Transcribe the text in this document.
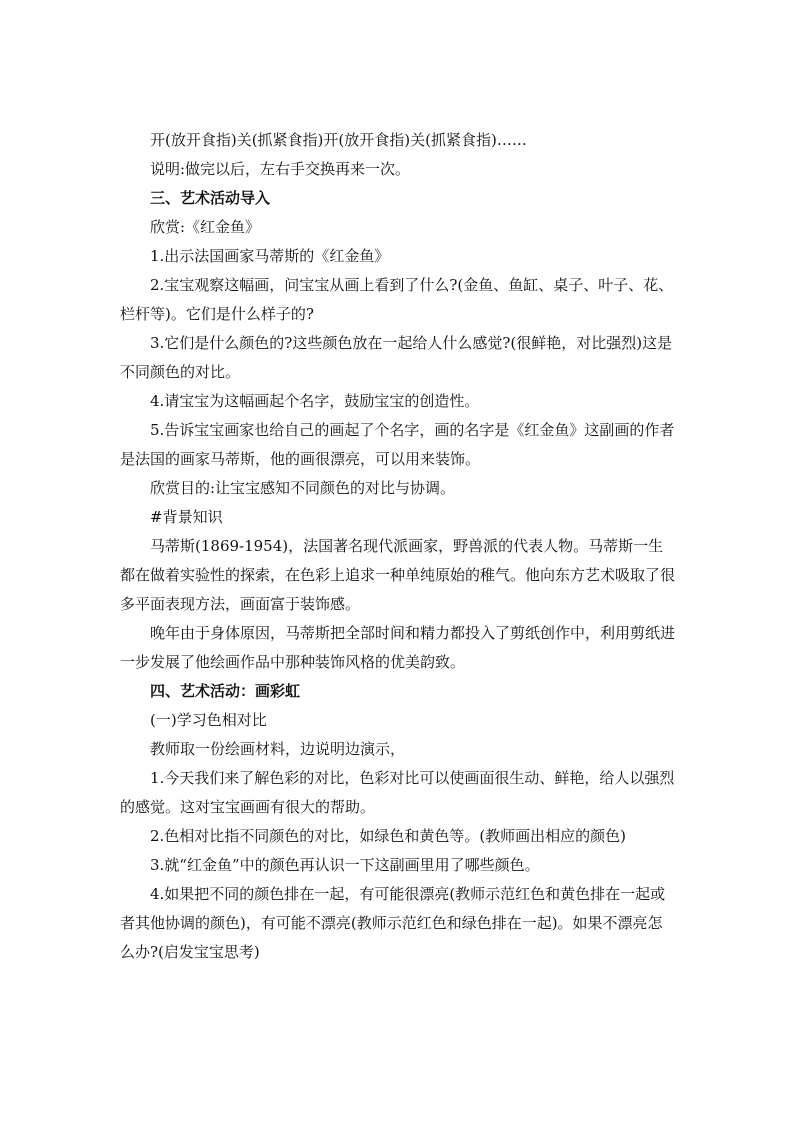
开(放开食指)关(抓紧食指)开(放开食指)关(抓紧食指)……

说明:做完以后，左右手交换再来一次。

三、艺术活动导入

欣赏:《红金鱼》

1.出示法国画家马蒂斯的《红金鱼》

2.宝宝观察这幅画，问宝宝从画上看到了什么?(金鱼、鱼缸、桌子、叶子、花、栏杆等)。它们是什么样子的?

3.它们是什么颜色的?这些颜色放在一起给人什么感觉?(很鲜艳，对比强烈)这是不同颜色的对比。

4.请宝宝为这幅画起个名字，鼓励宝宝的创造性。

5.告诉宝宝画家也给自己的画起了个名字，画的名字是《红金鱼》这副画的作者是法国的画家马蒂斯，他的画很漂亮，可以用来装饰。

欣赏目的:让宝宝感知不同颜色的对比与协调。

#背景知识

马蒂斯(1869-1954)，法国著名现代派画家，野兽派的代表人物。马蒂斯一生都在做着实验性的探索，在色彩上追求一种单纯原始的稚气。他向东方艺术吸取了很多平面表现方法，画面富于装饰感。

晚年由于身体原因，马蒂斯把全部时间和精力都投入了剪纸创作中，利用剪纸进一步发展了他绘画作品中那种装饰风格的优美韵致。

四、艺术活动：画彩虹

(一)学习色相对比

教师取一份绘画材料，边说明边演示，

1.今天我们来了解色彩的对比，色彩对比可以使画面很生动、鲜艳，给人以强烈的感觉。这对宝宝画画有很大的帮助。

2.色相对比指不同颜色的对比，如绿色和黄色等。(教师画出相应的颜色)

3.就“红金鱼”中的颜色再认识一下这副画里用了哪些颜色。

4.如果把不同的颜色排在一起，有可能很漂亮(教师示范红色和黄色排在一起或者其他协调的颜色)，有可能不漂亮(教师示范红色和绿色排在一起)。如果不漂亮怎么办?(启发宝宝思考)
